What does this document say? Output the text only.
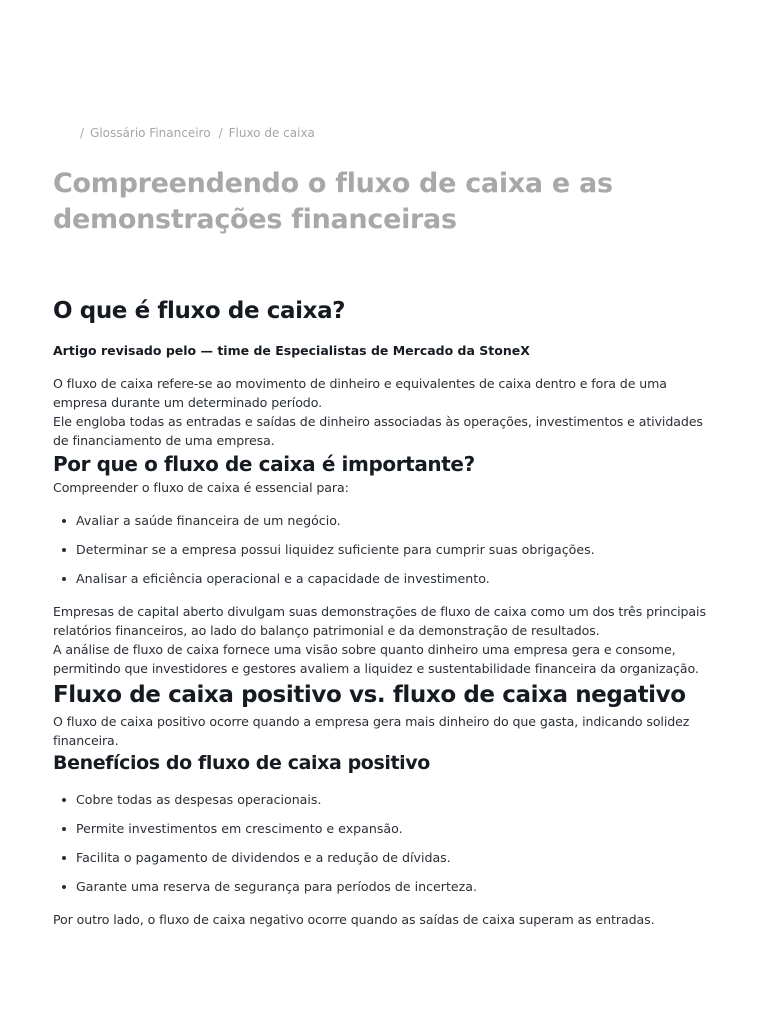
/ Glossário Financeiro / Fluxo de caixa
Compreendendo o fluxo de caixa e as demonstrações financeiras
O que é fluxo de caixa?
Artigo revisado pelo — time de Especialistas de Mercado da StoneX

O fluxo de caixa refere-se ao movimento de dinheiro e equivalentes de caixa dentro e fora de uma empresa durante um determinado período.

Ele engloba todas as entradas e saídas de dinheiro associadas às operações, investimentos e atividades de financiamento de uma empresa.

Por que o fluxo de caixa é importante?

Compreender o fluxo de caixa é essencial para:

Avaliar a saúde financeira de um negócio.
Determinar se a empresa possui liquidez suficiente para cumprir suas obrigações.
Analisar a eficiência operacional e a capacidade de investimento.

Empresas de capital aberto divulgam suas demonstrações de fluxo de caixa como um dos três principais relatórios financeiros, ao lado do balanço patrimonial e da demonstração de resultados.

A análise de fluxo de caixa fornece uma visão sobre quanto dinheiro uma empresa gera e consome, permitindo que investidores e gestores avaliem a liquidez e sustentabilidade financeira da organização.

Fluxo de caixa positivo vs. fluxo de caixa negativo

O fluxo de caixa positivo ocorre quando a empresa gera mais dinheiro do que gasta, indicando solidez financeira.

Benefícios do fluxo de caixa positivo
Cobre todas as despesas operacionais.
Permite investimentos em crescimento e expansão.
Facilita o pagamento de dividendos e a redução de dívidas.
Garante uma reserva de segurança para períodos de incerteza.

Por outro lado, o fluxo de caixa negativo ocorre quando as saídas de caixa superam as entradas.
